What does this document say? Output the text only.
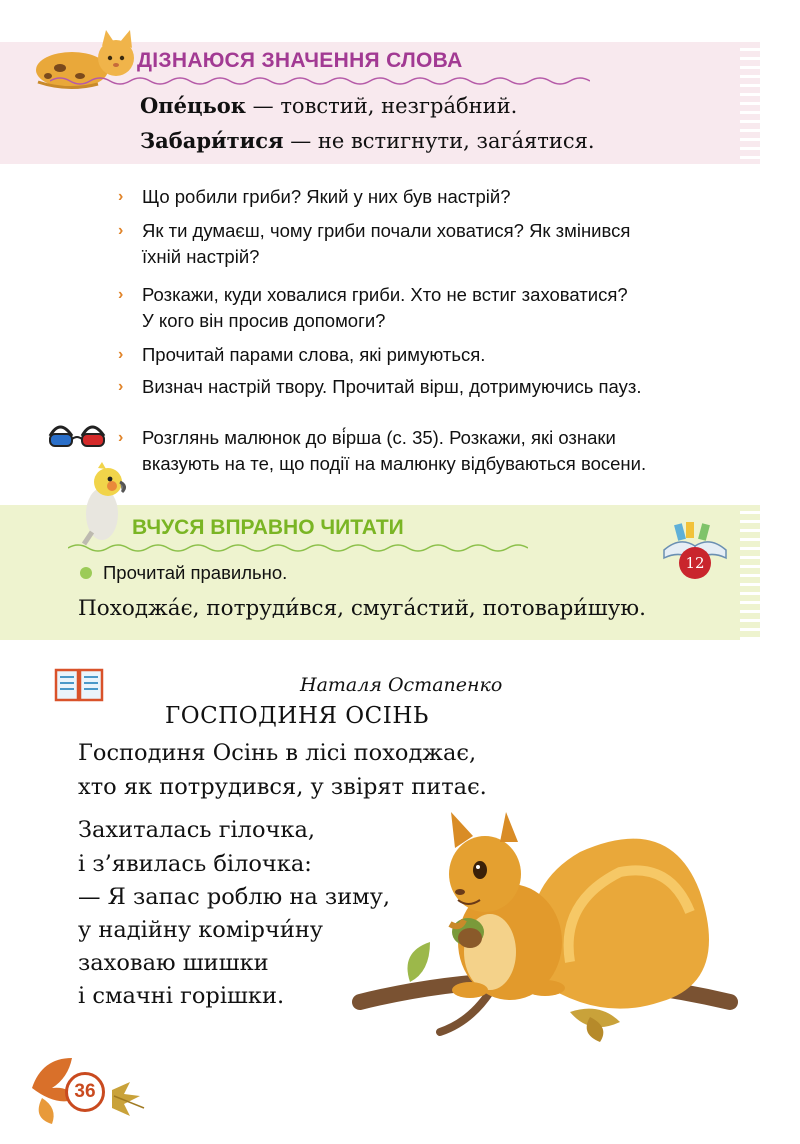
ДІЗНАЮСЯ ЗНАЧЕННЯ СЛОВА
Опе́цьок — товстий, незгра́бний.
Забари́тися — не встигнути, зага́ятися.
›	Що робили гриби? Який у них був настрій?
›	Як ти думаєш, чому гриби почали ховатися? Як змінився
їхній настрій?
›	Розкажи, куди ховалися гриби. Хто не встиг заховатися?
У кого він просив допомоги?
›	Прочитай парами слова, які римуються.
›	Визнач настрій твору. Прочитай вірш, дотримуючись пауз.
›	Розглянь малюнок до ві́рша (с. 35). Розкажи, які ознаки
вказують на те, що події на малюнку відбуваються восени.
ВЧУСЯ ВПРАВНО ЧИТАТИ
12
Прочитай правильно.
Походжа́є, потруди́вся, смуга́стий, потовари́шую.
Наталя Остапенко
ГОСПОДИНЯ ОСІНЬ
Господиня Осінь в лісі походжає,
хто як потрудився, у звірят питає.
Захиталась гілочка,
і з’явилась білочка:
— Я запас роблю на зиму,
у надійну комірчи́ну
заховаю шишки
і смачні горішки.
36
